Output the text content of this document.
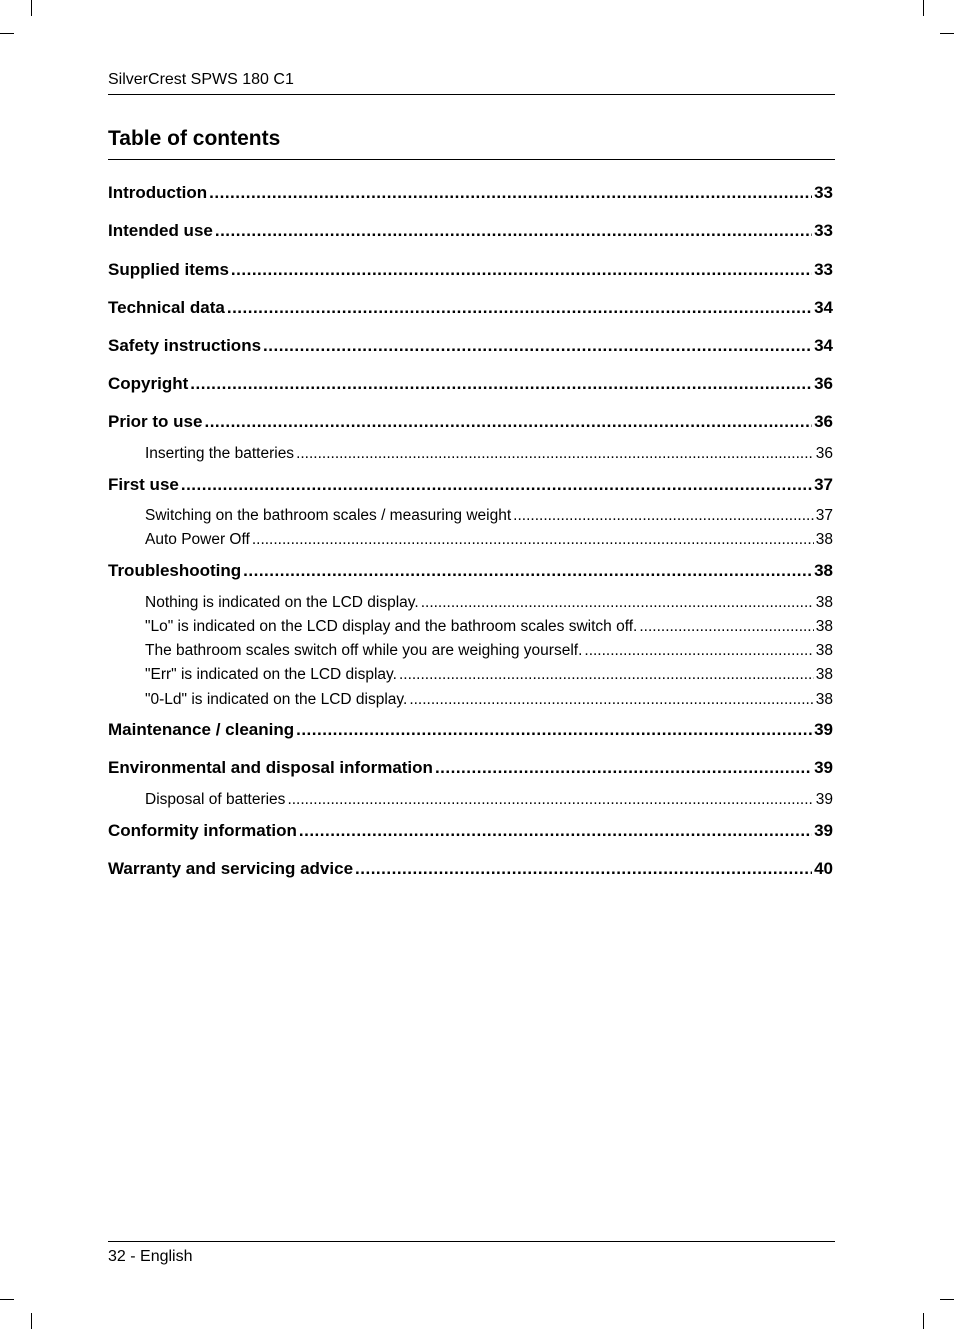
SilverCrest SPWS 180 C1
Table of contents
Introduction .....	33
Intended use .....	33
Supplied items .....	33
Technical data .....	34
Safety instructions .....	34
Copyright .....	36
Prior to use .....	36
Inserting the batteries .....	36
First use .....	37
Switching on the bathroom scales / measuring weight .....	37
Auto Power Off .....	38
Troubleshooting .....	38
Nothing is indicated on the LCD display. .....	38
"Lo" is indicated on the LCD display and the bathroom scales switch off. .....	38
The bathroom scales switch off while you are weighing yourself. .....	38
"Err" is indicated on the LCD display. .....	38
"0-Ld" is indicated on the LCD display. .....	38
Maintenance / cleaning .....	39
Environmental and disposal information .....	39
Disposal of batteries .....	39
Conformity information .....	39
Warranty and servicing advice .....	40
32 - English
